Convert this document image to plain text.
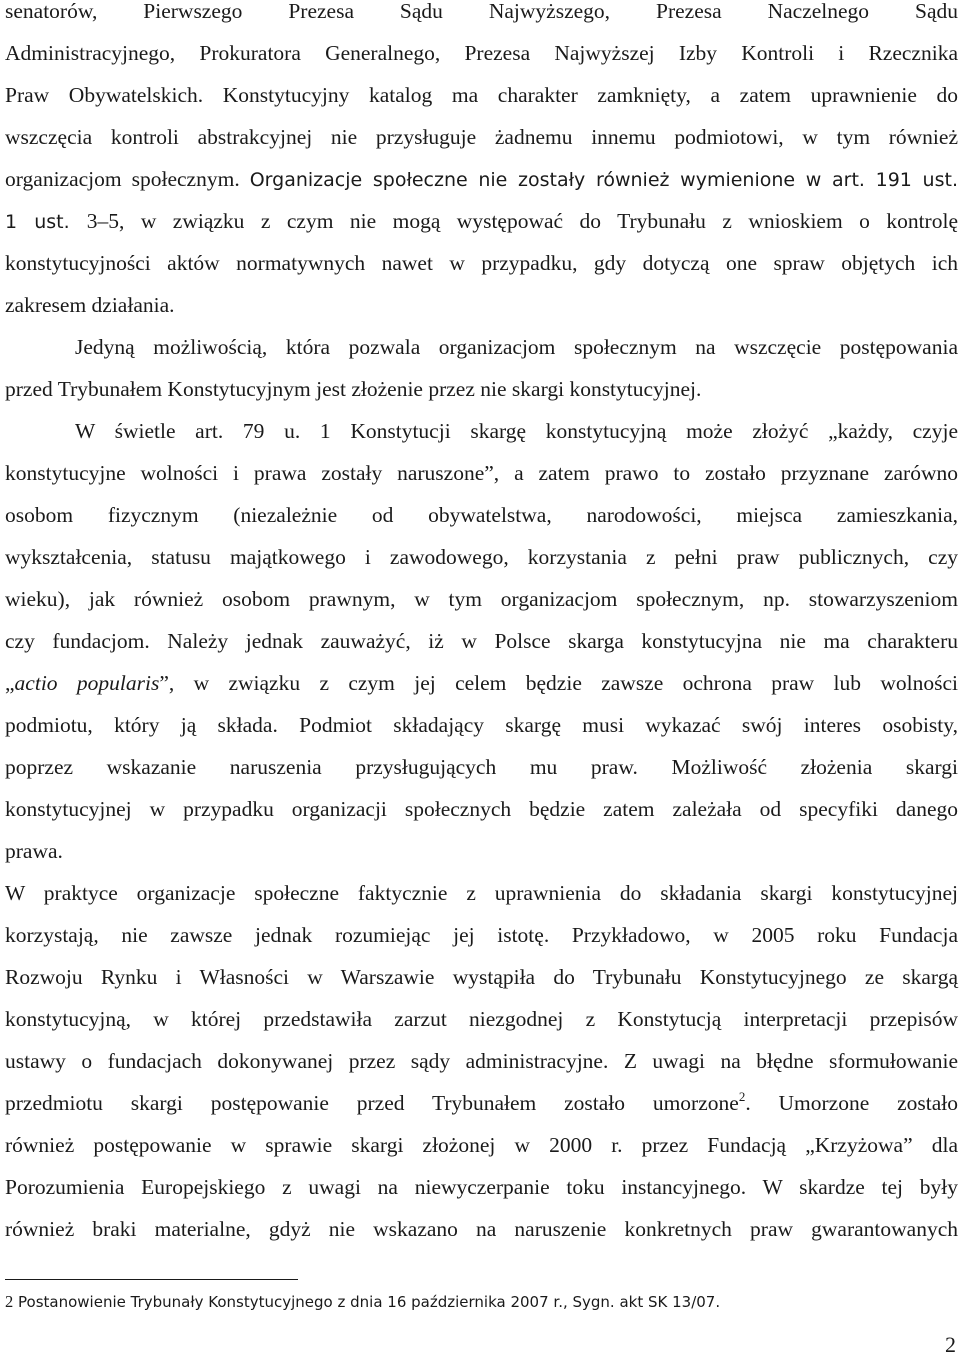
senatorów, Pierwszego Prezesa Sądu Najwyższego, Prezesa Naczelnego Sądu
Administracyjnego, Prokuratora Generalnego, Prezesa Najwyższej Izby Kontroli i Rzecznika
Praw Obywatelskich. Konstytucyjny katalog ma charakter zamknięty, a zatem uprawnienie do
wszczęcia kontroli abstrakcyjnej nie przysługuje żadnemu innemu podmiotowi, w tym również
organizacjom społecznym. Organizacje społeczne nie zostały również wymienione w art. 191 ust.
1 ust. 3–5, w związku z czym nie mogą występować do Trybunału z wnioskiem o kontrolę
konstytucyjności aktów normatywnych nawet w przypadku, gdy dotyczą one spraw objętych ich
zakresem działania.
Jedyną możliwością, która pozwala organizacjom społecznym na wszczęcie postępowania
przed Trybunałem Konstytucyjnym jest złożenie przez nie skargi konstytucyjnej.
W świetle art. 79 u. 1 Konstytucji skargę konstytucyjną może złożyć „każdy, czyje
konstytucyjne wolności i prawa zostały naruszone”, a zatem prawo to zostało przyznane zarówno
osobom fizycznym (niezależnie od obywatelstwa, narodowości, miejsca zamieszkania,
wykształcenia, statusu majątkowego i zawodowego, korzystania z pełni praw publicznych, czy
wieku), jak również osobom prawnym, w tym organizacjom społecznym, np. stowarzyszeniom
czy fundacjom. Należy jednak zauważyć, iż w Polsce skarga konstytucyjna nie ma charakteru
„actio popularis”, w związku z czym jej celem będzie zawsze ochrona praw lub wolności
podmiotu, który ją składa. Podmiot składający skargę musi wykazać swój interes osobisty,
poprzez wskazanie naruszenia przysługujących mu praw. Możliwość złożenia skargi
konstytucyjnej w przypadku organizacji społecznych będzie zatem zależała od specyfiki danego
prawa.
W praktyce organizacje społeczne faktycznie z uprawnienia do składania skargi konstytucyjnej
korzystają, nie zawsze jednak rozumiejąc jej istotę. Przykładowo, w 2005 roku Fundacja
Rozwoju Rynku i Własności w Warszawie wystąpiła do Trybunału Konstytucyjnego ze skargą
konstytucyjną, w której przedstawiła zarzut niezgodnej z Konstytucją interpretacji przepisów
ustawy o fundacjach dokonywanej przez sądy administracyjne. Z uwagi na błędne sformułowanie
przedmiotu skargi postępowanie przed Trybunałem zostało umorzone$^2$. Umorzone zostało
również postępowanie w sprawie skargi złożonej w 2000 r. przez Fundacją „Krzyżowa” dla
Porozumienia Europejskiego z uwagi na niewyczerpanie toku instancyjnego. W skardze tej były
również braki materialne, gdyż nie wskazano na naruszenie konkretnych praw gwarantowanych
2 Postanowienie Trybunały Konstytucyjnego z dnia 16 października 2007 r., Sygn. akt SK 13/07.
2
